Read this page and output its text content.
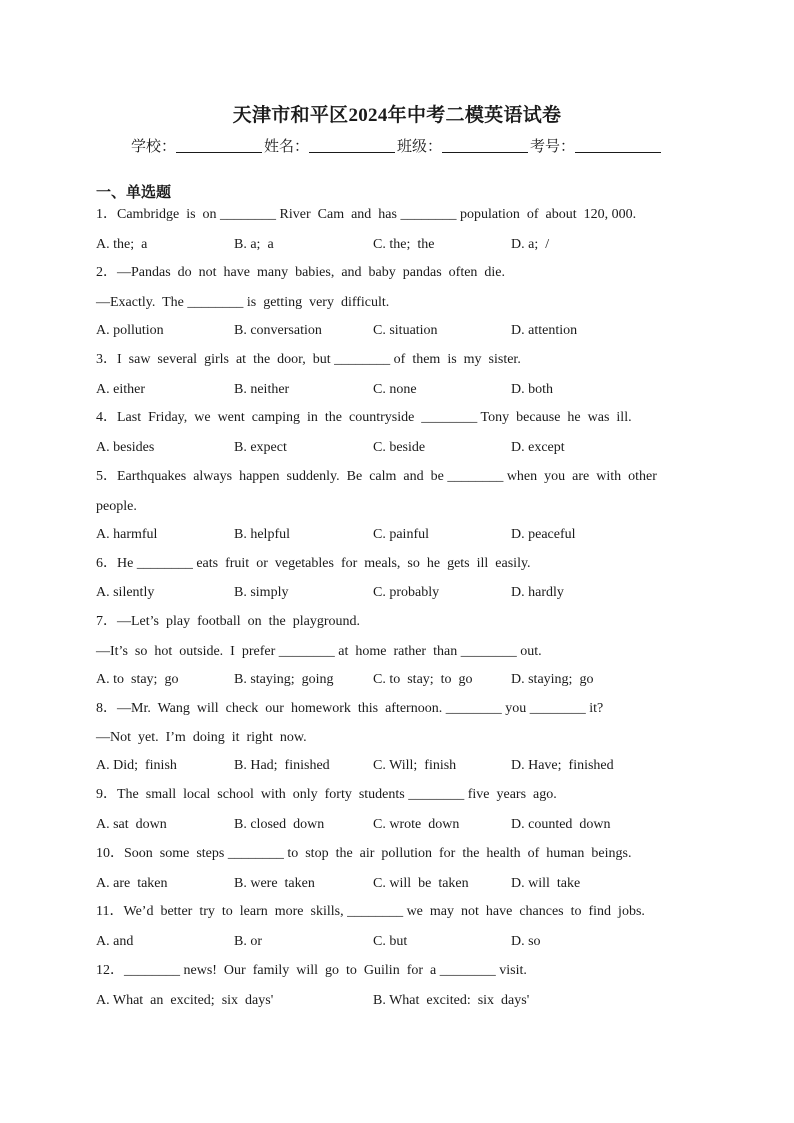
天津市和平区2024年中考二模英语试卷
学校：	姓名：	班级：	考号：
一、单选题
1．Cambridge  is  on ________ River  Cam  and  has ________ population  of  about  120, 000.
A. the;  a	B. a;  a	C. the;  the	D. a;  /
2．—Pandas  do  not  have  many  babies,  and  baby  pandas  often  die.
—Exactly.  The ________ is  getting  very  difficult.
A. pollution	B. conversation	C. situation	D. attention
3．I  saw  several  girls  at  the  door,  but ________ of  them  is  my  sister.
A. either	B. neither	C. none	D. both
4．Last  Friday,  we  went  camping  in  the  countryside  ________ Tony  because  he  was  ill.
A. besides	B. expect	C. beside	D. except
5．Earthquakes  always  happen  suddenly.  Be  calm  and  be ________ when  you  are  with  other
people.
A. harmful	B. helpful	C. painful	D. peaceful
6．He ________ eats  fruit  or  vegetables  for  meals,  so  he  gets  ill  easily.
A. silently	B. simply	C. probably	D. hardly
7．—Let’s  play  football  on  the  playground.
—It’s  so  hot  outside.  I  prefer ________ at  home  rather  than ________ out.
A. to  stay;  go	B. staying;  going	C. to  stay;  to  go	D. staying;  go
8．—Mr.  Wang  will  check  our  homework  this  afternoon. ________ you ________ it?
—Not  yet.  I’m  doing  it  right  now.
A. Did;  finish	B. Had;  finished	C. Will;  finish	D. Have;  finished
9．The  small  local  school  with  only  forty  students ________ five  years  ago.
A. sat  down	B. closed  down	C. wrote  down	D. counted  down
10．Soon  some  steps ________ to  stop  the  air  pollution  for  the  health  of  human  beings.
A. are  taken	B. were  taken	C. will  be  taken	D. will  take
11．We’d  better  try  to  learn  more  skills, ________ we  may  not  have  chances  to  find  jobs.
A. and	B. or	C. but	D. so
12．________ news!  Our  family  will  go  to  Guilin  for  a ________ visit.
A. What  an  excited;  six  days'	B. What  excited:  six  days'
